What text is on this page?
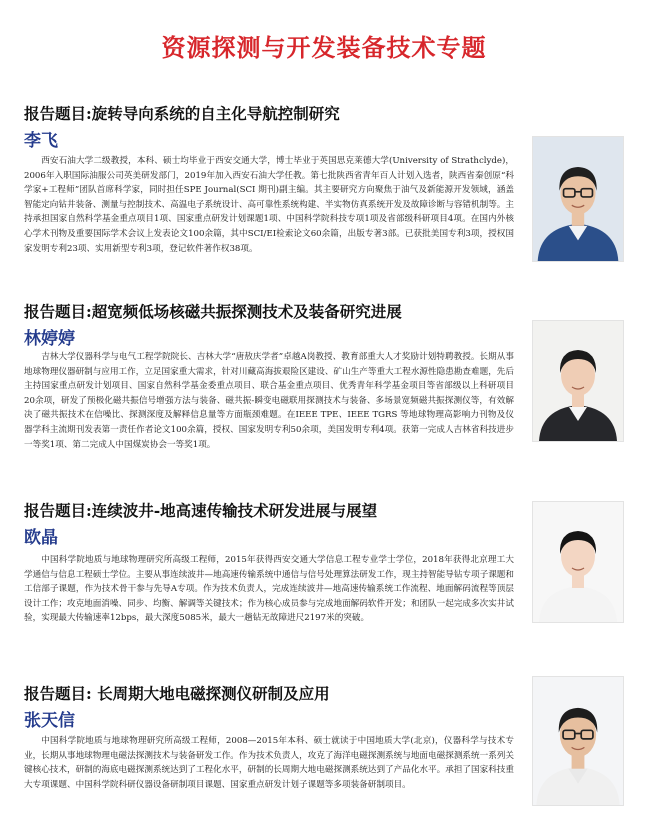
资源探测与开发装备技术专题
报告题目:旋转导向系统的自主化导航控制研究
李飞

西安石油大学二级教授，本科、硕士均毕业于西安交通大学，博士毕业于英国思克莱德大学(University of Strathclyde)，2006年入职国际油服公司英美研发部门，2019年加入西安石油大学任教。第七批陕西省青年百人计划入选者，陕西省秦创原“科学家+工程师”团队首席科学家，同时担任SPE Journal(SCI 期刊)副主编。其主要研究方向聚焦于油气及新能源开发领域，涵盖智能定向钻井装备、测量与控制技术、高温电子系统设计、高可靠性系统构建、半实物仿真系统开发及故障诊断与容错机制等。主持承担国家自然科学基金重点项目1项、国家重点研发计划课题1项、中国科学院科技专项1项及省部级科研项目4项。在国内外核心学术刊物及重要国际学术会议上发表论文100余篇，其中SCI/EI检索论文60余篇，出版专著3部。已获批美国专利3项，授权国家发明专利23项、实用新型专利3项，登记软件著作权38项。

报告题目:超宽频低场核磁共振探测技术及装备研究进展
林婷婷

吉林大学仪器科学与电气工程学院院长、吉林大学“唐敖庆学者”卓越A岗教授、教育部重大人才奖励计划特聘教授。长期从事地球物理仪器研制与应用工作，立足国家重大需求，针对川藏高海拔艰险区建设、矿山生产等重大工程水源性隐患勘查难题，先后主持国家重点研发计划项目、国家自然科学基金委重点项目、联合基金重点项目、优秀青年科学基金项目等省部级以上科研项目20余项，研发了预极化磁共振信号增强方法与装备、磁共振-瞬变电磁联用探测技术与装备、多场景宽频磁共振探测仪等，有效解决了磁共振技术在信噪比、探测深度及解释信息量等方面瓶颈难题。在IEEE TPE、IEEE TGRS 等地球物理高影响力刊物及仪器学科主流期刊发表第一责任作者论文100余篇，授权、国家发明专利50余项，美国发明专利4项。获第一完成人吉林省科技进步一等奖1项、第二完成人中国煤炭协会一等奖1项。

报告题目:连续波井-地高速传输技术研发进展与展望
欧晶

中国科学院地质与地球物理研究所高级工程师，2015年获得西安交通大学信息工程专业学士学位，2018年获得北京理工大学通信与信息工程硕士学位。主要从事连续波井—地高速传输系统中通信与信号处理算法研发工作，现主持智能导钻专项子课题和工信部子课题，作为技术骨干参与先导A专项。作为技术负责人，完成连续波井—地高速传输系统工作流程、地面解码流程等顶层设计工作；攻克地面消噪、同步、均衡、解调等关键技术；作为核心成员参与完成地面解码软件开发；和团队一起完成多次实井试验，实现最大传输速率12bps，最大深度5085米，最大一趟钻无故障进尺2197米的突破。

报告题目: 长周期大地电磁探测仪研制及应用
张天信

中国科学院地质与地球物理研究所高级工程师，2008—2015年本科、硕士就读于中国地质大学(北京)，仪器科学与技术专业，长期从事地球物理电磁法探测技术与装备研发工作。作为技术负责人，攻克了海洋电磁探测系统与地面电磁探测系统一系列关键核心技术，研制的海底电磁探测系统达到了工程化水平，研制的长周期大地电磁探测系统达到了产品化水平。承担了国家科技重大专项课题、中国科学院科研仪器设备研制项目课题、国家重点研发计划子课题等多项装备研制项目。
